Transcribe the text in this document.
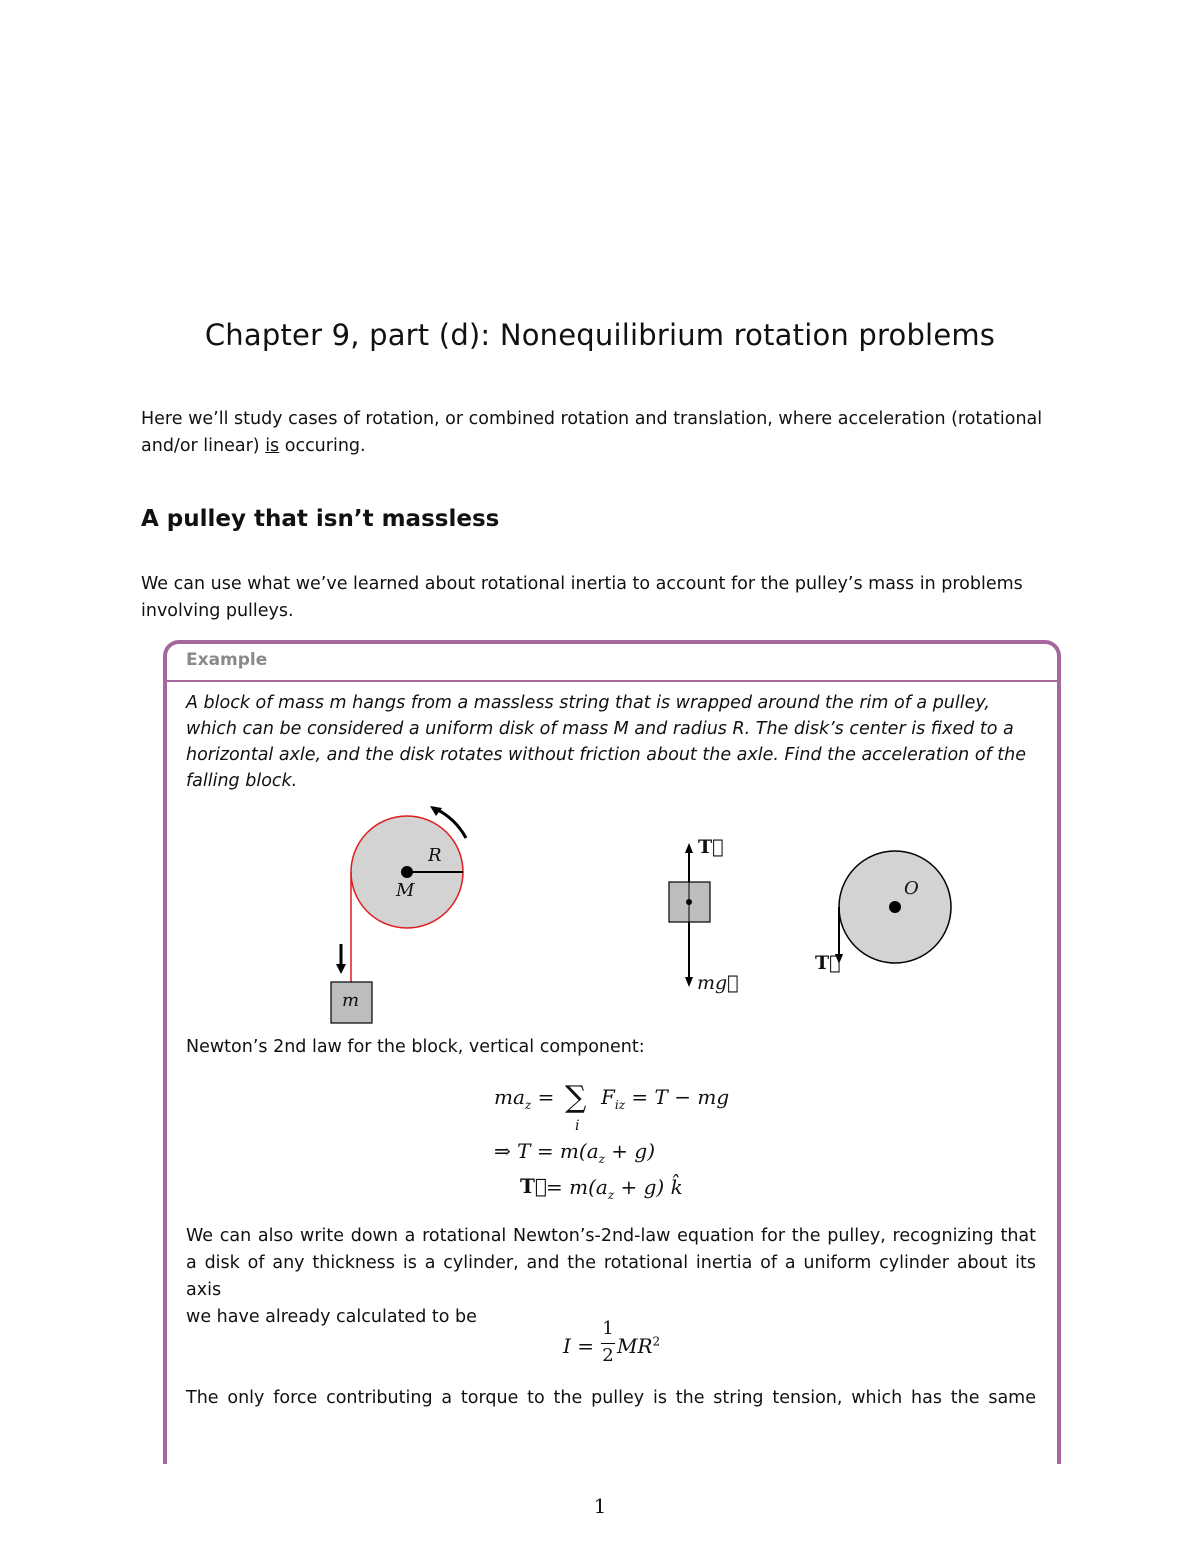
Chapter 9, part (d): Nonequilibrium rotation problems
Here we’ll study cases of rotation, or combined rotation and translation, where acceleration (rotational
and/or linear) is occuring.
A pulley that isn’t massless
We can use what we’ve learned about rotational inertia to account for the pulley’s mass in problems
involving pulleys.
Example
A block of mass m hangs from a massless string that is wrapped around the rim of a pulley,
which can be considered a uniform disk of mass M and radius R. The disk’s center is fixed to a
horizontal axle, and the disk rotates without friction about the axle. Find the acceleration of the
falling block.
R
M
m
T⃗
mg⃗
T⃗
O
Newton’s 2nd law for the block, vertical component:
$ma_z$ = ∑
i
$F_{iz} = T$ − mg
⇒ $T = m(a_z + g)$
T⃗ = $m(a_z + g)$ k̂
We can also write down a rotational Newton’s-2nd-law equation for the pulley, recognizing that
a disk of any thickness is a cylinder, and the rotational inertia of a uniform cylinder about its axis
we have already calculated to be
I =
1
2 $MR^2$
The only force contributing a torque to the pulley is the string tension, which has the same
1
